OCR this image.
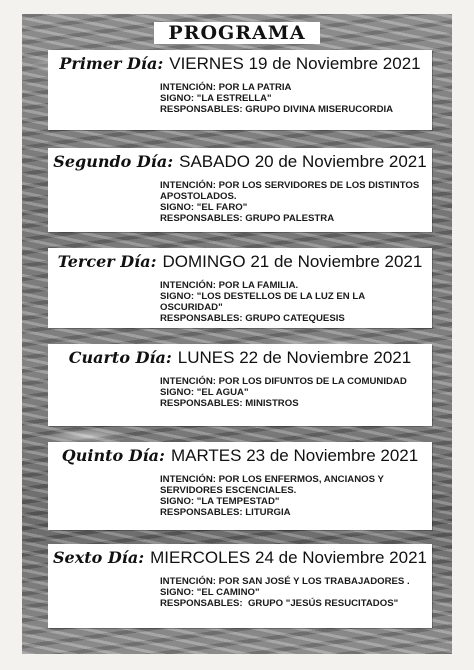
PROGRAMA
Primer Día: VIERNES 19 de Noviembre 2021
INTENCIÓN: POR LA PATRIA
SIGNO: "LA ESTRELLA"
RESPONSABLES: GRUPO DIVINA MISERUCORDIA
Segundo Día: SABADO 20 de Noviembre 2021
INTENCIÓN: POR LOS SERVIDORES DE LOS DISTINTOS
APOSTOLADOS.
SIGNO: "EL FARO"
RESPONSABLES: GRUPO PALESTRA
Tercer Día: DOMINGO 21 de Noviembre 2021
INTENCIÓN: POR LA FAMILIA.
SIGNO: "LOS DESTELLOS DE LA LUZ EN LA OSCURIDAD"
RESPONSABLES: GRUPO CATEQUESIS
Cuarto Día: LUNES 22 de Noviembre 2021
INTENCIÓN: POR LOS DIFUNTOS DE LA COMUNIDAD
SIGNO: "EL AGUA"
RESPONSABLES: MINISTROS
Quinto Día: MARTES 23 de Noviembre 2021
INTENCIÓN: POR LOS ENFERMOS, ANCIANOS Y
SERVIDORES ESCENCIALES.
SIGNO: "LA TEMPESTAD"
RESPONSABLES: LITURGIA
Sexto Día: MIERCOLES 24 de Noviembre 2021
INTENCIÓN: POR SAN JOSÉ Y LOS TRABAJADORES .
SIGNO: "EL CAMINO"
RESPONSABLES:  GRUPO "JESÚS RESUCITADOS"
